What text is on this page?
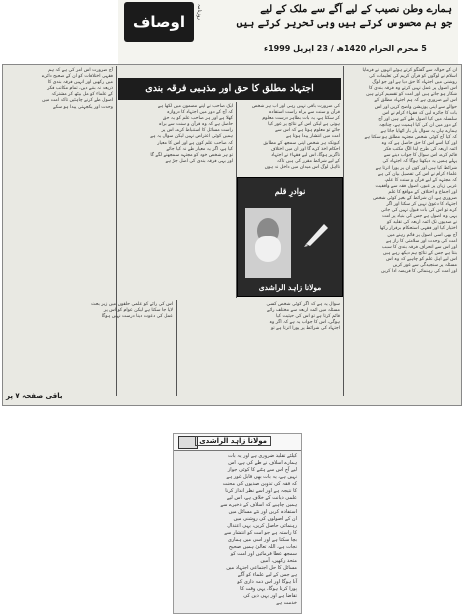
اوصاف
روزنامہ	ہمارے وطن نصیب کے لیے آگے سے ملک کے لیے
جو ہم محسوس کرتے ہیں وہی تحریر کرتے ہیں
5 محرم الحرام 1420ھ / 23 اپریل 1999ء
اجتہاد مطلق کا حق اور مذہبی فرقہ بندی
ان کے حوالہ سے گفتگو کرتے ہوئے انہوں نے فرمایا
اسلام نے لوگوں کو قرآن کریم کی تعلیمات کی
روشنی میں اجتہاد کا حق دیا ہے اور جو لوگ
اس اصول پر عمل نہیں کرتے وہ فرقہ بندی کا
شکار ہو جاتے ہیں اور امت کو تقسیم کرتے ہیں
اس لیے ضروری ہے کہ ہم اجتہاد مطلق کے
حوالے سے اپنی پوزیشن واضح کریں اور اس
بات کا جائزہ لیں کہ فقہاء کرام نے اس
سلسلہ میں کیا اصول طے کیے ہیں اور آج
کے دور میں ان کی کیا اہمیت ہے، چنانچہ
ہمارے ہاں یہ سوال بار بار اٹھایا جاتا ہے
کہ کیا آج کوئی شخص مجتہد مطلق ہو سکتا ہے
اور کیا اسے اس کا حق حاصل ہے کہ وہ
ائمہ اربعہ کی طرح اپنا الگ مکتب فکر
قائم کرے، اس سوال کا جواب دینے سے
پہلے ہمیں یہ دیکھنا ہوگا کہ اجتہاد کی
شرائط کیا ہیں اور کون ان پر پورا اترتا ہے
علماء کرام نے اس کی تفصیل بیان کی ہے
کہ مجتہد کے لیے قرآن و سنت کا علم،
عربی زبان پر عبور، اصول فقہ سے واقفیت
اور اجماع و اختلاف کے مواقع کا علم
ضروری ہے، ان شرائط کے بغیر کوئی شخص
اجتہاد کا دعویٰ نہیں کر سکتا اور اگر
کرے تو اس کی بات قبول نہیں کی جاتی
یہی وہ اصول ہے جس کی بنیاد پر امت
نے صدیوں تک ائمہ اربعہ کی تقلید کو
اختیار کیا اور فقہی استحکام برقرار رکھا
آج بھی اسی اصول پر قائم رہنے میں
امت کی وحدت اور سلامتی کا راز ہے
اور اس سے انحراف فرقہ بندی کا سبب
بنتا ہے جس کے نتائج ہم دیکھ رہے ہیں
اس لیے اہل علم کو چاہیے کہ وہ اس
مسئلہ پر سنجیدگی سے غور کریں
اور امت کی رہنمائی کا فریضہ ادا کریں
آج ضرورت اس امر کی ہے کہ ہم
فقہی اختلافات کو ان کے صحیح دائرے
میں رکھیں اور انہیں فرقہ بندی کا
ذریعہ نہ بننے دیں، تمام مکاتب فکر
کے علماء کو مل بیٹھ کر مشترکہ
اصول طے کرنے چاہئیں تاکہ امت میں
وحدت اور یکجہتی پیدا ہو سکے	کی ضرورت باقی نہیں رہی اور اب ہر شخص
قرآن و سنت سے براہ راست استفادہ
کر سکتا ہے، یہ بات بظاہر درست معلوم
ہوتی ہے لیکن اس کے نتائج پر غور کیا
جائے تو معلوم ہوتا ہے کہ اس سے
امت میں انتشار پیدا ہوتا ہے
کیونکہ ہر شخص اپنی سمجھ کے مطابق
احکام اخذ کرے گا اور ان میں اختلاف
ناگزیر ہوگا، اس لیے فقہاء نے اجتہاد
کے لیے شرائط مقرر کی ہیں تاکہ
نااہل لوگ اس میدان میں داخل نہ ہوں
ایک صاحب نے اپنے مضمون میں لکھا ہے
کہ آج کے دور میں اجتہاد کا دروازہ
کھلا ہے اور ہر صاحب علم کو یہ حق
حاصل ہے کہ وہ قرآن و سنت سے براہ
راست مسائل کا استنباط کرے، اس پر
ہمیں کوئی اعتراض نہیں لیکن سوال یہ ہے
کہ صاحب علم کون ہے اور اس کا معیار
کیا ہے، اگر یہ معیار طے نہ کیا جائے
تو ہر شخص خود کو مجتہد سمجھنے لگے گا
اور یہی فرقہ بندی کی اصل جڑ ہے
سوال یہ ہے کہ اگر کوئی شخص کسی
مسئلہ میں ائمہ اربعہ سے مختلف رائے
قائم کرتا ہے تو اس کی حیثیت کیا
ہوگی، اس کا جواب یہ ہے کہ اگر وہ
اجتہاد کی شرائط پر پورا اترتا ہے تو
اس کی رائے کو علمی حلقوں میں زیر بحث
لایا جا سکتا ہے لیکن عوام کو اس پر
عمل کی دعوت دینا درست نہیں ہوگا
نوادرِ قلم
مولانا زاہد الراشدی
باقی صفحہ ۷ پر
مولانا زاہد الراشدی
کیلئے تقلید ضروری ہے اور یہ بات
ہمارے اسلاف نے طے کی ہے، اس
لیے آج اس سے ہٹنے کا کوئی جواز
نہیں ہے، یہ بات بھی قابل غور ہے
کہ فقہ کی تدوین صدیوں کی محنت
کا نتیجہ ہے اور اسے نظر انداز کرنا
علمی دیانت کے خلاف ہے، اس لیے
ہمیں چاہیے کہ اسلاف کے ذخیرے سے
استفادہ کریں اور نئے مسائل میں
ان کے اصولوں کی روشنی میں
رہنمائی حاصل کریں، یہی اعتدال
کا راستہ ہے جو امت کو انتشار سے
بچا سکتا ہے اور اسی میں ہماری
نجات ہے، اللہ تعالیٰ ہمیں صحیح
سمجھ عطا فرمائیں اور امت کو
متحد رکھیں، آمین
مسائل کا حل اجتماعی اجتہاد میں
ہے جس کے لیے علماء کو آگے
آنا ہوگا اور اس ذمہ داری کو
پورا کرنا ہوگا، یہی وقت کا
تقاضا ہے اور یہی دین کی
خدمت ہے
